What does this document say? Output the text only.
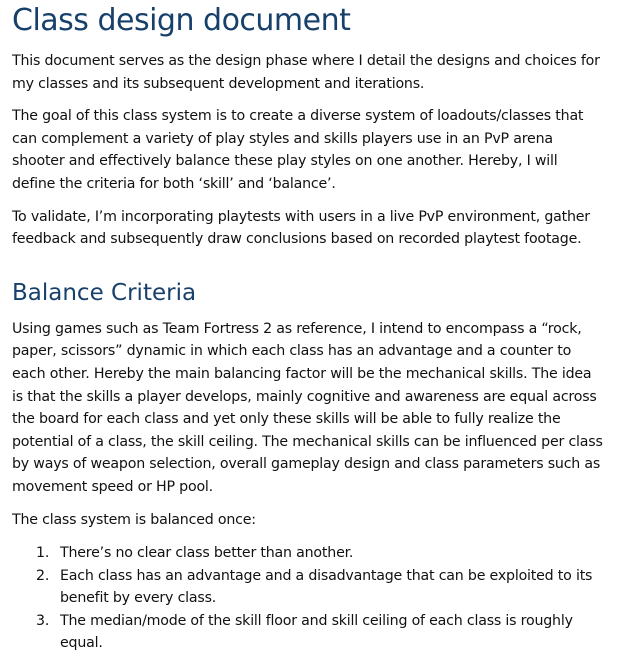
Class design document

This document serves as the design phase where I detail the designs and choices for my classes and its subsequent development and iterations.

The goal of this class system is to create a diverse system of loadouts/classes that can complement a variety of play styles and skills players use in an PvP arena shooter and effectively balance these play styles on one another. Hereby, I will define the criteria for both ‘skill’ and ‘balance’.

To validate, I’m incorporating playtests with users in a live PvP environment, gather feedback and subsequently draw conclusions based on recorded playtest footage.

Balance Criteria

Using games such as Team Fortress 2 as reference, I intend to encompass a “rock, paper, scissors” dynamic in which each class has an advantage and a counter to each other. Hereby the main balancing factor will be the mechanical skills. The idea is that the skills a player develops, mainly cognitive and awareness are equal across the board for each class and yet only these skills will be able to fully realize the potential of a class, the skill ceiling. The mechanical skills can be influenced per class by ways of weapon selection, overall gameplay design and class parameters such as movement speed or HP pool.

The class system is balanced once:

1. There’s no clear class better than another.
2. Each class has an advantage and a disadvantage that can be exploited to its benefit by every class.
3. The median/mode of the skill floor and skill ceiling of each class is roughly equal.
